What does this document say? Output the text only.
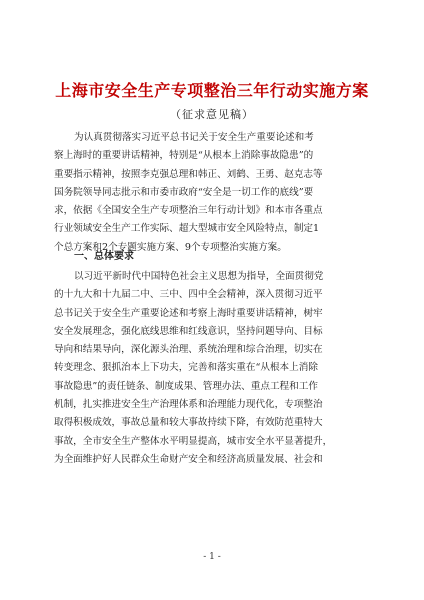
上海市安全生产专项整治三年行动实施方案
（征求意见稿）
为认真贯彻落实习近平总书记关于安全生产重要论述和考
察上海时的重要讲话精神，特别是“从根本上消除事故隐患”的
重要指示精神，按照李克强总理和韩正、刘鹤、王勇、赵克志等
国务院领导同志批示和市委市政府“安全是一切工作的底线”要
求，依据《全国安全生产专项整治三年行动计划》和本市各重点
行业领域安全生产工作实际、超大型城市安全风险特点，制定1
个总方案和2个专题实施方案、9个专项整治实施方案。
一、总体要求
以习近平新时代中国特色社会主义思想为指导，全面贯彻党
的十九大和十九届二中、三中、四中全会精神，深入贯彻习近平
总书记关于安全生产重要论述和考察上海时重要讲话精神，树牢
安全发展理念，强化底线思维和红线意识，坚持问题导向、目标
导向和结果导向，深化源头治理、系统治理和综合治理，切实在
转变理念、狠抓治本上下功夫，完善和落实重在“从根本上消除
事故隐患”的责任链条、制度成果、管理办法、重点工程和工作
机制，扎实推进安全生产治理体系和治理能力现代化，专项整治
取得积极成效，事故总量和较大事故持续下降，有效防范重特大
事故，全市安全生产整体水平明显提高，城市安全水平显著提升，
为全面维护好人民群众生命财产安全和经济高质量发展、社会和
- 1 -
